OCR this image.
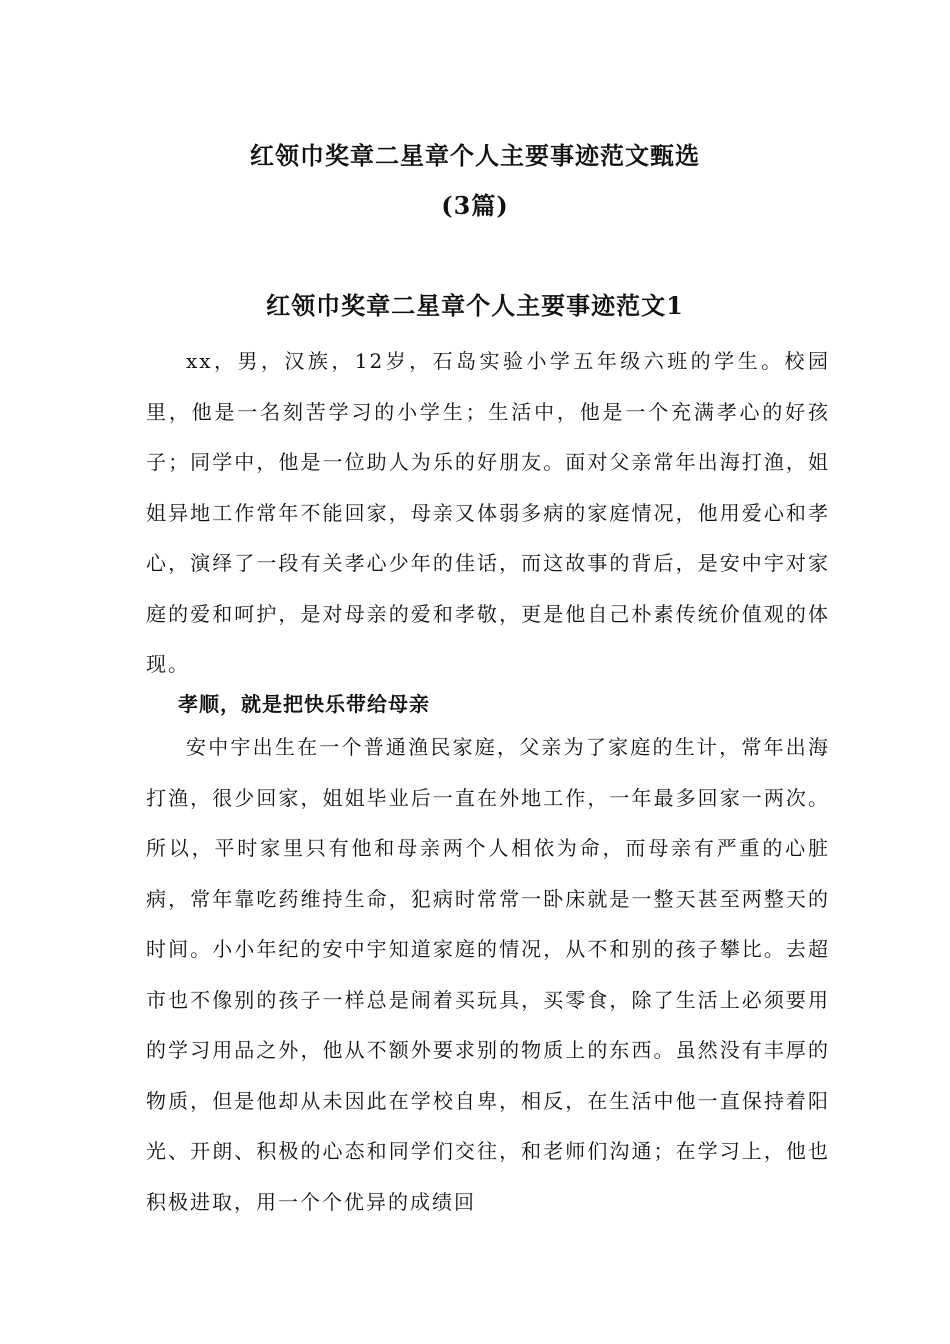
红领巾奖章二星章个人主要事迹范文甄选
(3篇)
红领巾奖章二星章个人主要事迹范文1

xx，男，汉族，12岁，石岛实验小学五年级六班的学生。校园里，他是一名刻苦学习的小学生；生活中，他是一个充满孝心的好孩子；同学中，他是一位助人为乐的好朋友。面对父亲常年出海打渔，姐姐异地工作常年不能回家，母亲又体弱多病的家庭情况，他用爱心和孝心，演绎了一段有关孝心少年的佳话，而这故事的背后，是安中宇对家庭的爱和呵护，是对母亲的爱和孝敬，更是他自己朴素传统价值观的体现。

孝顺，就是把快乐带给母亲

安中宇出生在一个普通渔民家庭，父亲为了家庭的生计，常年出海打渔，很少回家，姐姐毕业后一直在外地工作，一年最多回家一两次。所以，平时家里只有他和母亲两个人相依为命，而母亲有严重的心脏病，常年靠吃药维持生命，犯病时常常一卧床就是一整天甚至两整天的时间。小小年纪的安中宇知道家庭的情况，从不和别的孩子攀比。去超市也不像别的孩子一样总是闹着买玩具，买零食，除了生活上必须要用的学习用品之外，他从不额外要求别的物质上的东西。虽然没有丰厚的物质，但是他却从未因此在学校自卑，相反，在生活中他一直保持着阳光、开朗、积极的心态和同学们交往，和老师们沟通；在学习上，他也积极进取，用一个个优异的成绩回
